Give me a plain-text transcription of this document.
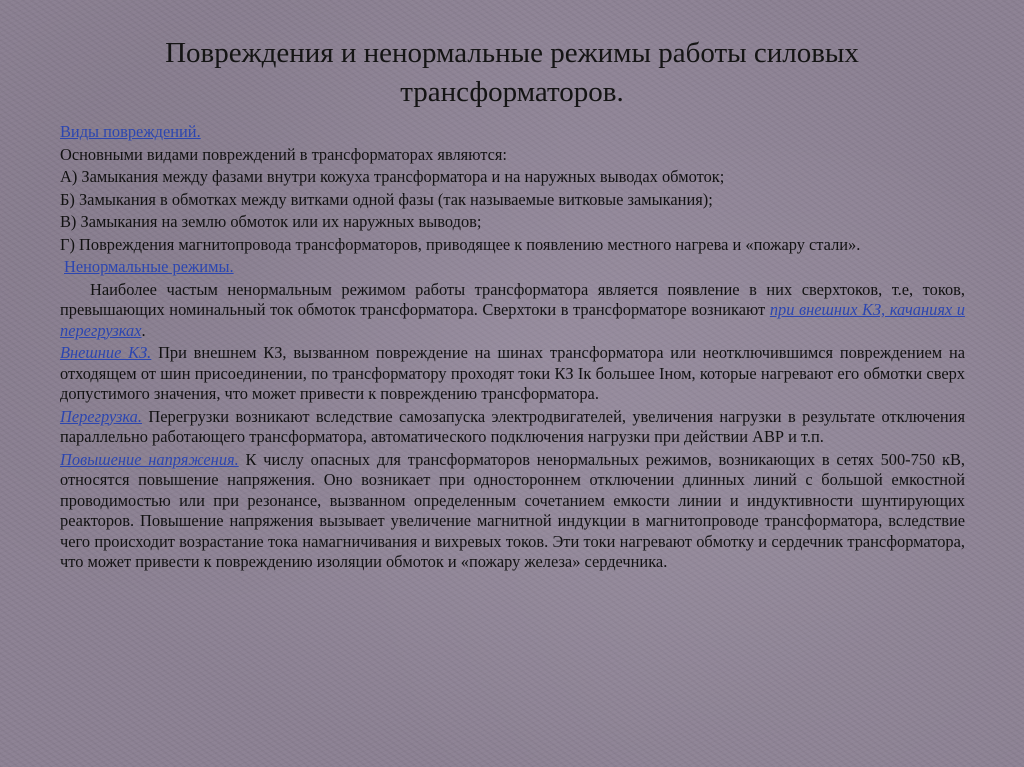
Повреждения и ненормальные режимы работы силовых
трансформаторов.

Виды повреждений.

Основными видами повреждений в трансформаторах являются:

А) Замыкания между фазами внутри кожуха трансформатора и на наружных выводах обмоток;

Б) Замыкания в обмотках между витками одной фазы (так называемые витковые замыкания);

В) Замыкания на землю обмоток или их наружных выводов;

Г) Повреждения магнитопровода трансформаторов, приводящее к появлению местного нагрева и «пожару стали».

Ненормальные режимы.

Наиболее частым ненормальным режимом работы трансформатора является появление в них сверхтоков, т.е, токов, превышающих номинальный ток обмоток трансформатора. Сверхтоки в трансформаторе возникают при внешних КЗ, качаниях и перегрузках.

Внешние КЗ. При внешнем КЗ, вызванном повреждение на шинах трансформатора или неотключившимся повреждением на отходящем от шин присоединении, по трансформатору проходят токи КЗ Iк большее Iном, которые нагревают его обмотки сверх допустимого значения, что может привести к повреждению трансформатора.

Перегрузка. Перегрузки возникают вследствие самозапуска электродвигателей, увеличения нагрузки в результате отключения параллельно работающего трансформатора, автоматического подключения нагрузки при действии АВР и т.п.

Повышение напряжения. К числу опасных для трансформаторов ненормальных режимов, возникающих в сетях 500-750 кВ, относятся повышение напряжения. Оно возникает при одностороннем отключении длинных линий с большой емкостной проводимостью или при резонансе, вызванном определенным сочетанием емкости линии и индуктивности шунтирующих реакторов. Повышение напряжения вызывает увеличение магнитной индукции в магнитопроводе трансформатора, вследствие чего происходит возрастание тока намагничивания и вихревых токов. Эти токи нагревают обмотку и сердечник трансформатора, что может привести к повреждению изоляции обмоток и «пожару железа» сердечника.
